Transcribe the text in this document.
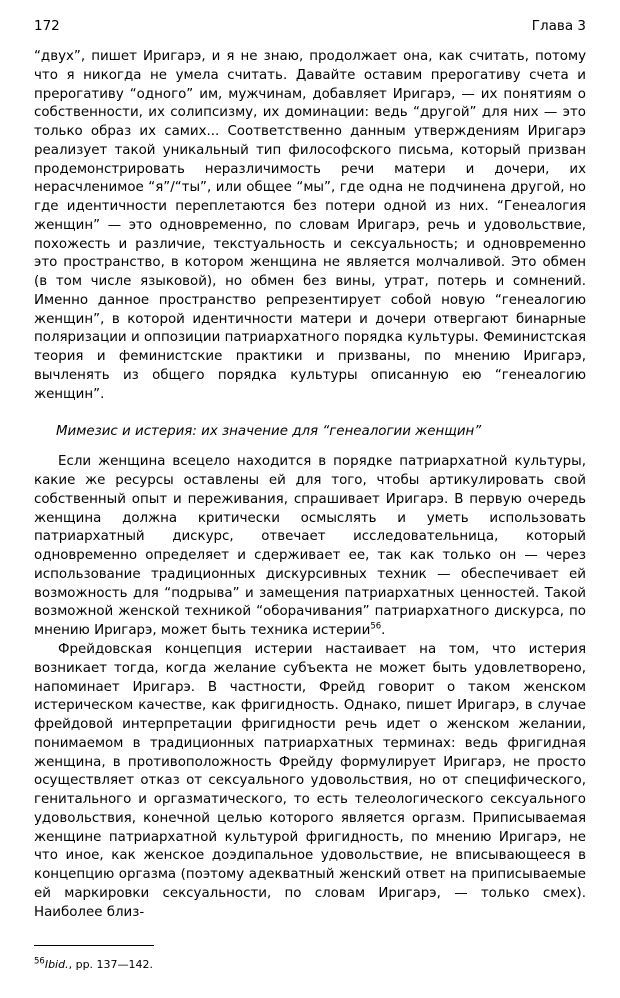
172	Глава 3

“двух”, пишет Иригарэ, и я не знаю, продолжает она, как считать, потому что я никогда не умела считать. Давайте оставим прерогативу счета и прерогативу “одного” им, мужчинам, добавляет Иригарэ, — их понятиям о собственности, их солипсизму, их доминации: ведь “другой” для них — это только образ их самих... Соответственно данным утверждениям Иригарэ реализует такой уникальный тип философского письма, который призван продемонстрировать неразличимость речи матери и дочери, их нерасчленимое “я”/“ты”, или общее “мы”, где одна не подчинена другой, но где идентичности переплетаются без потери одной из них. “Генеалогия женщин” — это одновременно, по словам Иригарэ, речь и удовольствие, похожесть и различие, текстуальность и сексуальность; и одновременно это пространство, в котором женщина не является молчаливой. Это обмен (в том числе языковой), но обмен без вины, утрат, потерь и сомнений. Именно данное пространство репрезентирует собой новую “генеалогию женщин”, в которой идентичности матери и дочери отвергают бинарные поляризации и оппозиции патриархатного порядка культуры. Феминистская теория и феминистские практики и призваны, по мнению Иригарэ, вычленять из общего порядка культуры описанную ею “генеалогию женщин”.

Мимезис и истерия: их значение для “генеалогии женщин”

Если женщина всецело находится в порядке патриархатной культуры, какие же ресурсы оставлены ей для того, чтобы артикулировать свой собственный опыт и переживания, спрашивает Иригарэ. В первую очередь женщина должна критически осмыслять и уметь использовать патриархатный дискурс, отвечает исследовательница, который одновременно определяет и сдерживает ее, так как только он — через использование традиционных дискурсивных техник — обеспечивает ей возможность для “подрыва” и замещения патриархатных ценностей. Такой возможной женской техникой “оборачивания” патриархатного дискурса, по мнению Иригарэ, может быть техника истерии$^{56}$.

Фрейдовская концепция истерии настаивает на том, что истерия возникает тогда, когда желание субъекта не может быть удовлетворено, напоминает Иригарэ. В частности, Фрейд говорит о таком женском истерическом качестве, как фригидность. Однако, пишет Иригарэ, в случае фрейдовой интерпретации фригидности речь идет о женском желании, понимаемом в традиционных патриархатных терминах: ведь фригидная женщина, в противоположность Фрейду формулирует Иригарэ, не просто осуществляет отказ от сексуального удовольствия, но от специфического, генитального и оргазматического, то есть телеологического сексуального удовольствия, конечной целью которого является оргазм. Приписываемая женщине патриархатной культурой фригидность, по мнению Иригарэ, не что иное, как женское доэдипальное удовольствие, не вписывающееся в концепцию оргазма (поэтому адекватный женский ответ на приписываемые ей маркировки сексуальности, по словам Иригарэ, — только смех). Наиболее близ-

$^{56}$Ibid., pp. 137—142.
